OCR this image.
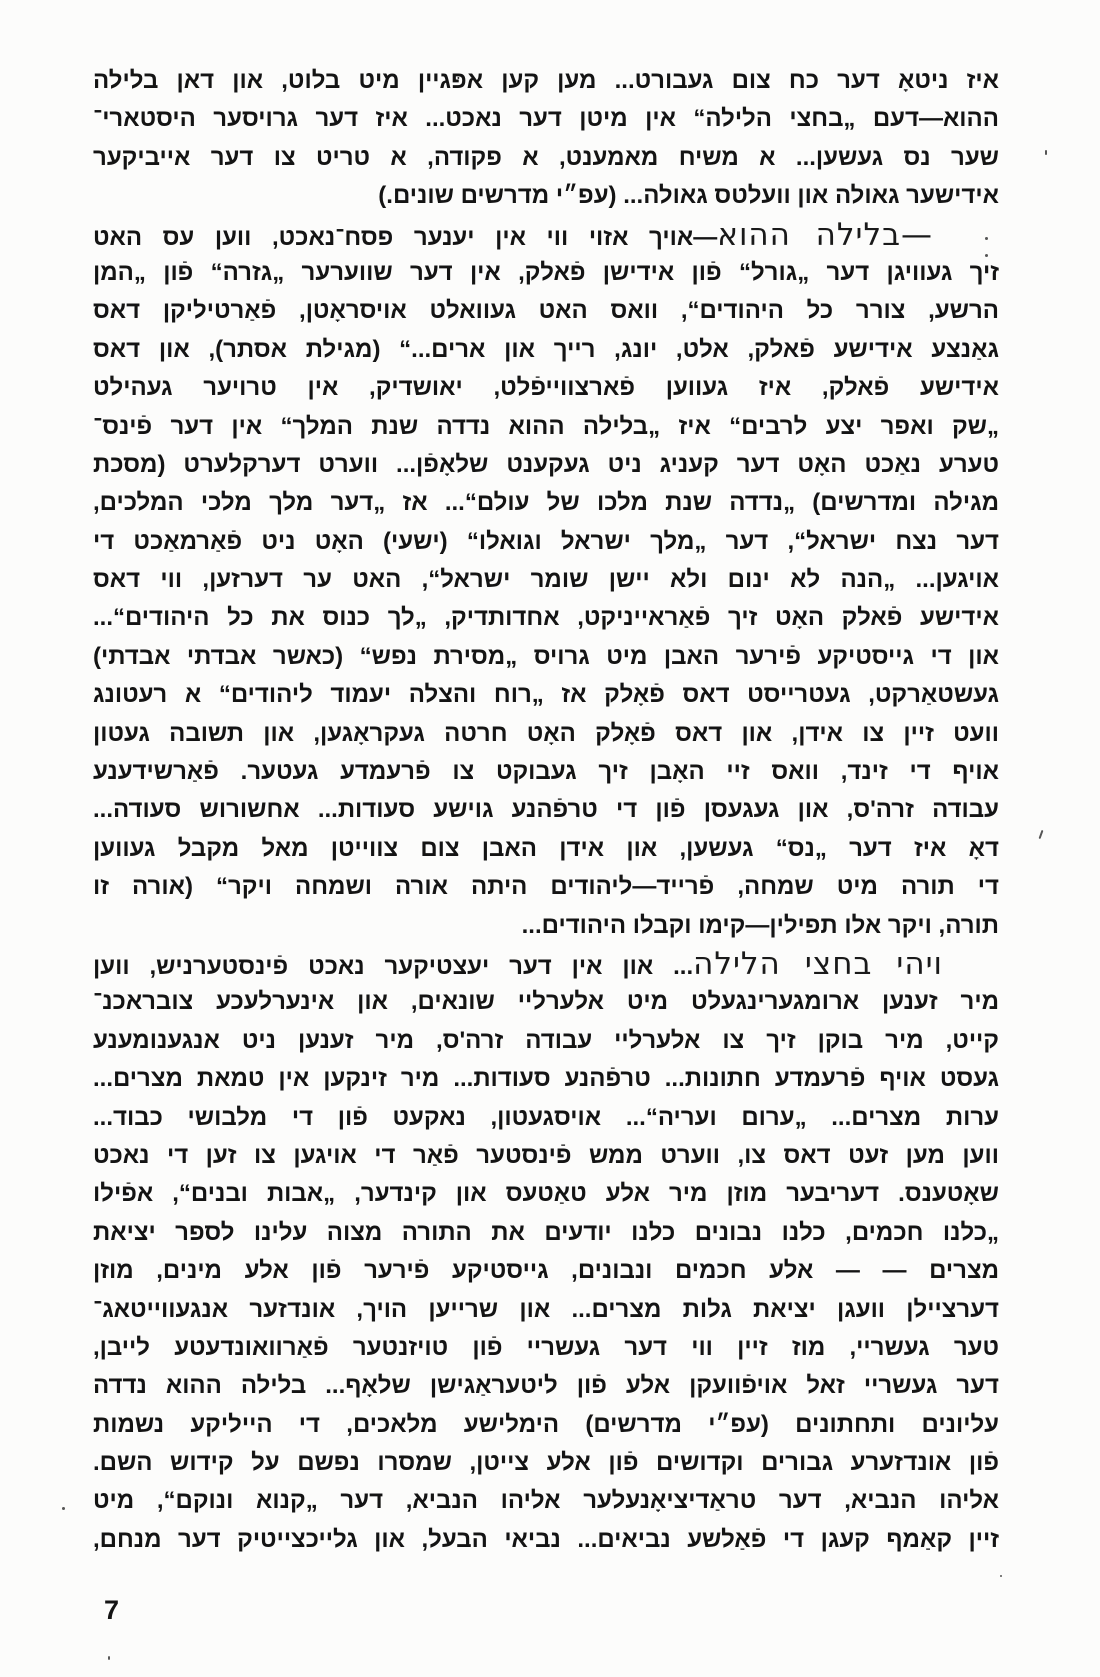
איז ניטאָ דער כח צום געבורט... מען קען אפּגיין מיט בלוט, און דאן בלילה
ההוא—דעם „בחצי הלילה“ אין מיטן דער נאכט... איז דער גרויסער היסטארי־
שער נס געשען... א משיח מאמענט, א פקודה, א טריט צו דער אייביקער
אידישער גאולה און וועלטס גאולה... (עפ״י מדרשים שונים.)
—בלילה ההוא—אויך אזוי ווי אין יענער פסח־נאכט, ווען עס האט
זיך געוויגן דער „גורל“ פֿון אידישן פֿאלק, אין דער שווערער „גזרה“ פֿון „המן
הרשע, צורר כל היהודים“, וואס האט געוואלט אויסראָטן, פֿאַרטיליקן דאס
גאַנצע אידישע פֿאלק, אלט, יונג, רייך און ארים...“ (מגילת אסתר), און דאס
אידישע פֿאלק, איז געווען פֿארצווייפֿלט, יאושדיק, אין טרויער געהילט
„שק ואפר יצע לרבים“ איז „בלילה ההוא נדדה שנת המלך“ אין דער פֿינס־
טערע נאַכט האָט דער קעניג ניט געקענט שלאָפֿן... ווערט דערקלערט (מסכת
מגילה ומדרשים) „נדדה שנת מלכו של עולם“... אז „דער מלך מלכי המלכים,
דער נצח ישראל“, דער „מלך ישראל וגואלו“ (ישעי) האָט ניט פֿאַרמאַכט די
אויגען... „הנה לא ינום ולא יישן שומר ישראל“, האט ער דערזען, ווי דאס
אידישע פֿאלק האָט זיך פֿאַראייניקט, אחדותדיק, „לך כנוס את כל היהודים“...
און די גייסטיקע פֿירער האבן מיט גרויס „מסירת נפש“ (כאשר אבדתי אבדתי)
געשטאַרקט, געטרייסט דאס פֿאָלק אז „רוח והצלה יעמוד ליהודים“ א רעטונג
וועט זיין צו אידן, און דאס פֿאָלק האָט חרטה געקראָגען, און תשובה געטון
אויף די זינד, וואס זיי האָבן זיך געבוקט צו פֿרעמדע געטער. פֿאַרשידענע
עבודה זרה'ס, און געגעסן פֿון די טרפֿהנע גוישע סעודות... אחשורוש סעודה...
דאָ איז דער „נס“ געשען, און אידן האבן צום צווייטן מאל מקבל געווען
די תורה מיט שמחה, פֿרייד—ליהודים היתה אורה ושמחה ויקר“ (אורה זו
תורה, ויקר אלו תפילין—קימו וקבלו היהודים...
ויהי בחצי הלילה... און אין דער יעצטיקער נאכט פֿינסטערניש, ווען
מיר זענען ארומגערינגעלט מיט אלערליי שונאים, און אינערלעכע צובראכנ־
קייט, מיר בוקן זיך צו אלערליי עבודה זרה'ס, מיר זענען ניט אנגענומענע
געסט אויף פֿרעמדע חתונות... טרפֿהנע סעודות... מיר זינקען אין טמאת מצרים...
ערות מצרים... „ערום ועריה“... אויסגעטון, נאקעט פֿון די מלבושי כבוד...
ווען מען זעט דאס צו, ווערט ממש פֿינסטער פֿאַר די אויגען צו זען די נאכט
שאָטענס. דעריבער מוזן מיר אלע טאַטעס און קינדער, „אבות ובנים“, אפֿילו
„כלנו חכמים, כלנו נבונים כלנו יודעים את התורה מצוה עלינו לספר יציאת
מצרים — — אלע חכמים ונבונים, גייסטיקע פֿירער פֿון אלע מינים, מוזן
דערציילן וועגן יציאת גלות מצרים... און שרייען הויך, אונדזער אנגעווייטאג־
טער געשריי, מוז זיין ווי דער געשריי פֿון טויזנטער פֿאַרוואונדעטע לייבן,
דער געשריי זאל אויפֿוועקן אלע פֿון ליטעראַגישן שלאָף... בלילה ההוא נדדה
עליונים ותחתונים (עפ״י מדרשים) הימלישע מלאכים, די הייליקע נשמות
פֿון אונדזערע גבורים וקדושים פֿון אלע צייטן, שמסרו נפשם על קידוש השם.
אליהו הנביא, דער טראַדיציאָנעלער אליהו הנביא, דער „קנוא ונוקם“, מיט
זיין קאַמף קעגן די פֿאַלשע נביאים... נביאי הבעל, און גלייכצייטיק דער מנחם,
7
